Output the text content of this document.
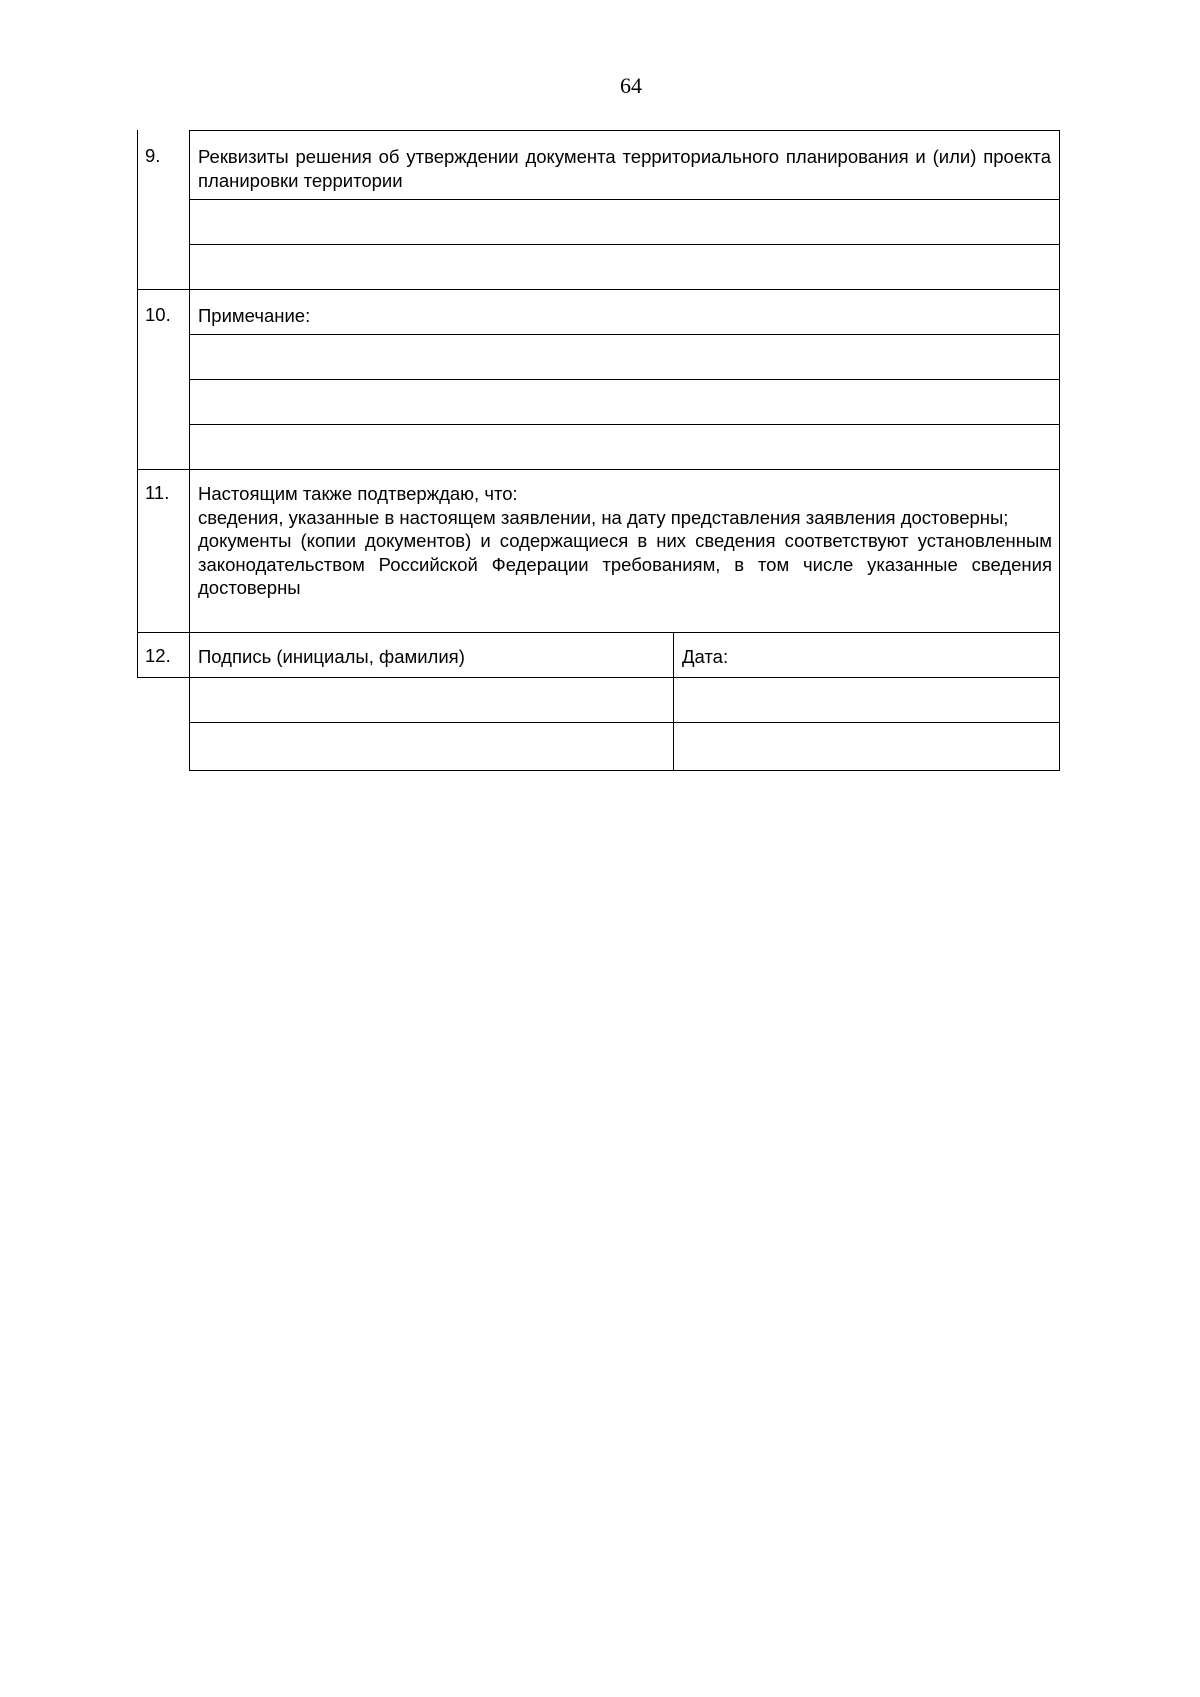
64
9.	Реквизиты решения об утверждении документа территориального планирования и (или) проекта планировки территории
10.	Примечание:
11.	Настоящим также подтверждаю, что:
сведения, указанные в настоящем заявлении, на дату представления заявления достоверны;
документы (копии документов) и содержащиеся в них сведения соответствуют установленным законодательством Российской Федерации требованиям, в том числе указанные сведения достоверны
12.	Подпись (инициалы, фамилия)	Дата:
